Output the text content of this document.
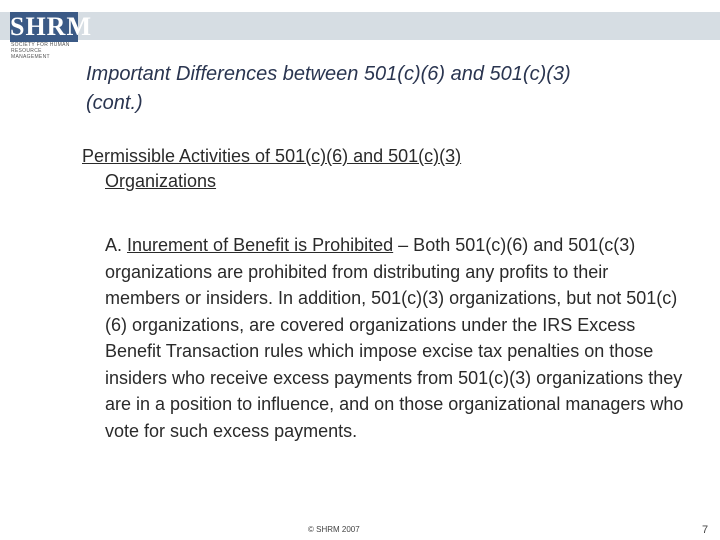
SHRM
SOCIETY FOR HUMAN
RESOURCE MANAGEMENT
Important Differences between 501(c)(6) and 501(c)(3)
(cont.)
Permissible Activities of 501(c)(6) and 501(c)(3)
Organizations
A. Inurement of Benefit is Prohibited – Both 501(c)(6) and 501(c(3) organizations are prohibited from distributing any profits to their members or insiders. In addition, 501(c)(3) organizations, but not 501(c)(6) organizations, are covered organizations under the IRS Excess Benefit Transaction rules which impose excise tax penalties on those insiders who receive excess payments from 501(c)(3) organizations they are in a position to influence, and on those organizational managers who vote for such excess payments.
© SHRM 2007	7
